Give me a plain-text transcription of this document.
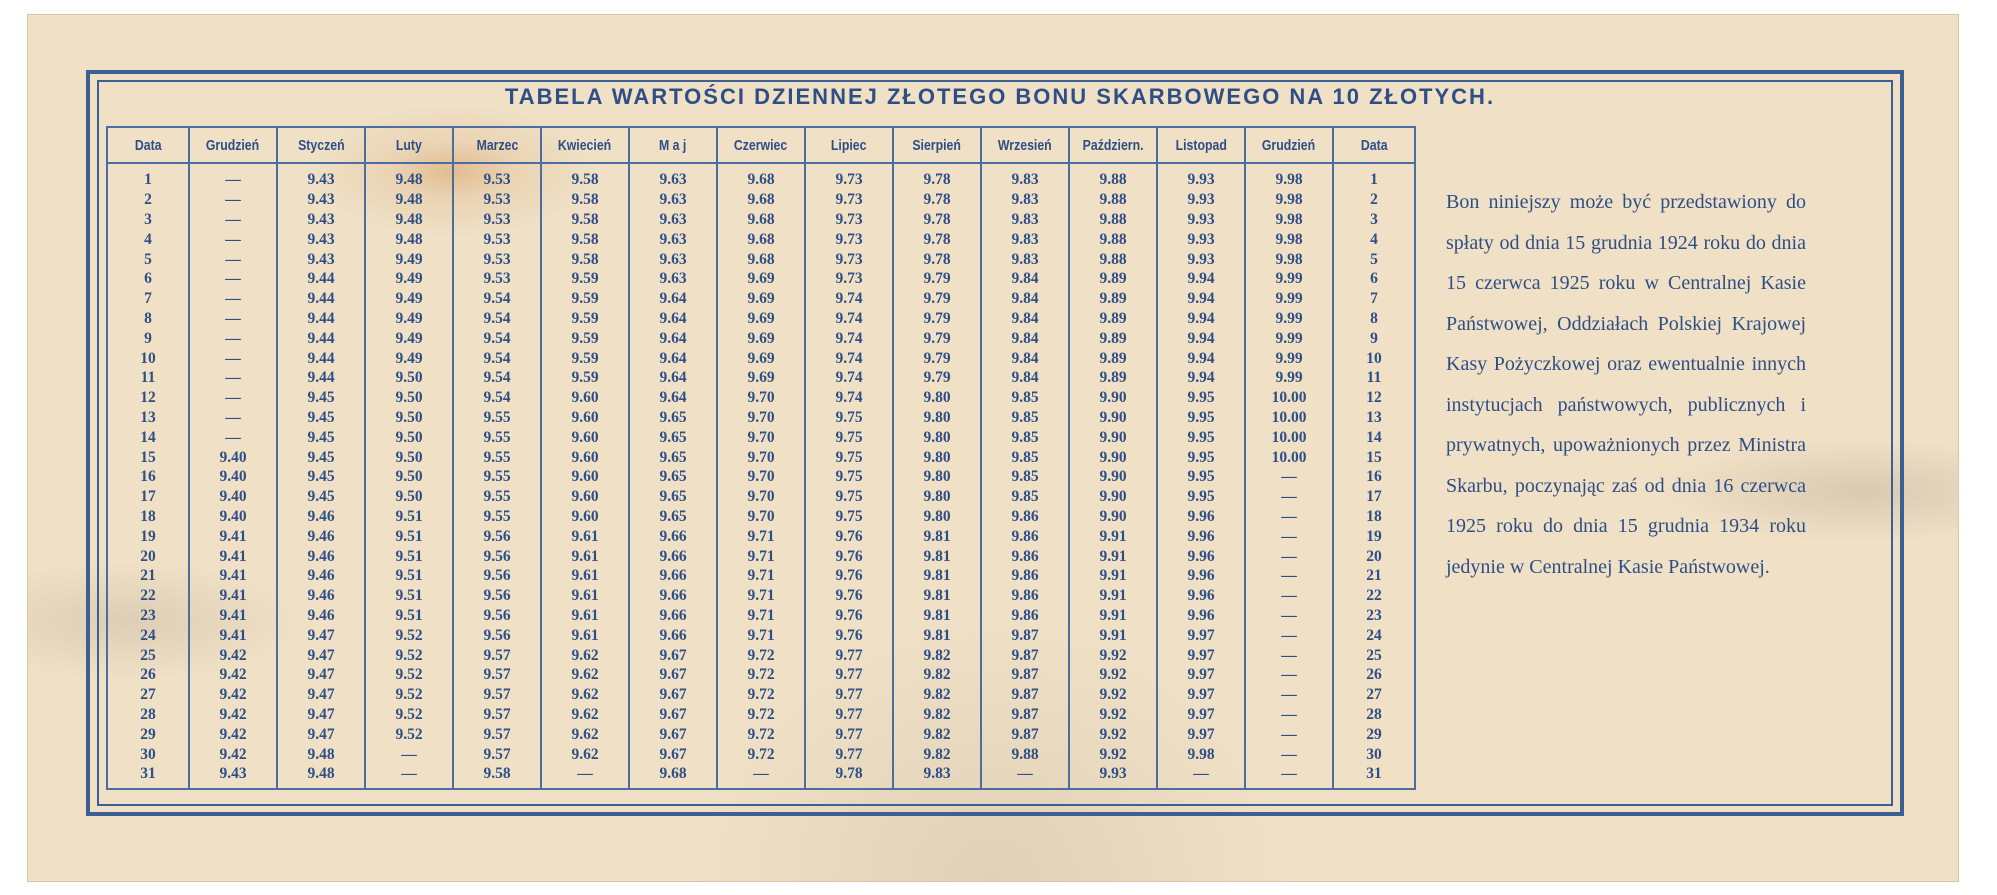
TABELA WARTOŚCI DZIENNEJ ZŁOTEGO BONU SKARBOWEGO NA 10 ZŁOTYCH.
Data	Grudzień	Styczeń	Luty	Marzec	Kwiecień	M a j	Czerwiec	Lipiec	Sierpień	Wrzesień	Październ.	Listopad	Grudzień	Data
1	—	9.43	9.48	9.53	9.58	9.63	9.68	9.73	9.78	9.83	9.88	9.93	9.98	1
2	—	9.43	9.48	9.53	9.58	9.63	9.68	9.73	9.78	9.83	9.88	9.93	9.98	2
3	—	9.43	9.48	9.53	9.58	9.63	9.68	9.73	9.78	9.83	9.88	9.93	9.98	3
4	—	9.43	9.48	9.53	9.58	9.63	9.68	9.73	9.78	9.83	9.88	9.93	9.98	4
5	—	9.43	9.49	9.53	9.58	9.63	9.68	9.73	9.78	9.83	9.88	9.93	9.98	5
6	—	9.44	9.49	9.53	9.59	9.63	9.69	9.73	9.79	9.84	9.89	9.94	9.99	6
7	—	9.44	9.49	9.54	9.59	9.64	9.69	9.74	9.79	9.84	9.89	9.94	9.99	7
8	—	9.44	9.49	9.54	9.59	9.64	9.69	9.74	9.79	9.84	9.89	9.94	9.99	8
9	—	9.44	9.49	9.54	9.59	9.64	9.69	9.74	9.79	9.84	9.89	9.94	9.99	9
10	—	9.44	9.49	9.54	9.59	9.64	9.69	9.74	9.79	9.84	9.89	9.94	9.99	10
11	—	9.44	9.50	9.54	9.59	9.64	9.69	9.74	9.79	9.84	9.89	9.94	9.99	11
12	—	9.45	9.50	9.54	9.60	9.64	9.70	9.74	9.80	9.85	9.90	9.95	10.00	12
13	—	9.45	9.50	9.55	9.60	9.65	9.70	9.75	9.80	9.85	9.90	9.95	10.00	13
14	—	9.45	9.50	9.55	9.60	9.65	9.70	9.75	9.80	9.85	9.90	9.95	10.00	14
15	9.40	9.45	9.50	9.55	9.60	9.65	9.70	9.75	9.80	9.85	9.90	9.95	10.00	15
16	9.40	9.45	9.50	9.55	9.60	9.65	9.70	9.75	9.80	9.85	9.90	9.95	—	16
17	9.40	9.45	9.50	9.55	9.60	9.65	9.70	9.75	9.80	9.85	9.90	9.95	—	17
18	9.40	9.46	9.51	9.55	9.60	9.65	9.70	9.75	9.80	9.86	9.90	9.96	—	18
19	9.41	9.46	9.51	9.56	9.61	9.66	9.71	9.76	9.81	9.86	9.91	9.96	—	19
20	9.41	9.46	9.51	9.56	9.61	9.66	9.71	9.76	9.81	9.86	9.91	9.96	—	20
21	9.41	9.46	9.51	9.56	9.61	9.66	9.71	9.76	9.81	9.86	9.91	9.96	—	21
22	9.41	9.46	9.51	9.56	9.61	9.66	9.71	9.76	9.81	9.86	9.91	9.96	—	22
23	9.41	9.46	9.51	9.56	9.61	9.66	9.71	9.76	9.81	9.86	9.91	9.96	—	23
24	9.41	9.47	9.52	9.56	9.61	9.66	9.71	9.76	9.81	9.87	9.91	9.97	—	24
25	9.42	9.47	9.52	9.57	9.62	9.67	9.72	9.77	9.82	9.87	9.92	9.97	—	25
26	9.42	9.47	9.52	9.57	9.62	9.67	9.72	9.77	9.82	9.87	9.92	9.97	—	26
27	9.42	9.47	9.52	9.57	9.62	9.67	9.72	9.77	9.82	9.87	9.92	9.97	—	27
28	9.42	9.47	9.52	9.57	9.62	9.67	9.72	9.77	9.82	9.87	9.92	9.97	—	28
29	9.42	9.47	9.52	9.57	9.62	9.67	9.72	9.77	9.82	9.87	9.92	9.97	—	29
30	9.42	9.48	—	9.57	9.62	9.67	9.72	9.77	9.82	9.88	9.92	9.98	—	30
31	9.43	9.48	—	9.58	—	9.68	—	9.78	9.83	—	9.93	—	—	31
Bon niniejszy może być przedstawiony do spłaty od dnia 15 grudnia 1924 roku do dnia 15 czerwca 1925 roku w Centralnej Kasie Państwowej, Oddziałach Polskiej Krajowej Kasy Pożyczkowej oraz ewentualnie innych instytucjach państwowych, publicznych i prywatnych, upoważnionych przez Ministra Skarbu, poczynając zaś od dnia 16 czerwca 1925 roku do dnia 15 grudnia 1934 roku jedynie w Centralnej Kasie Państwowej.
